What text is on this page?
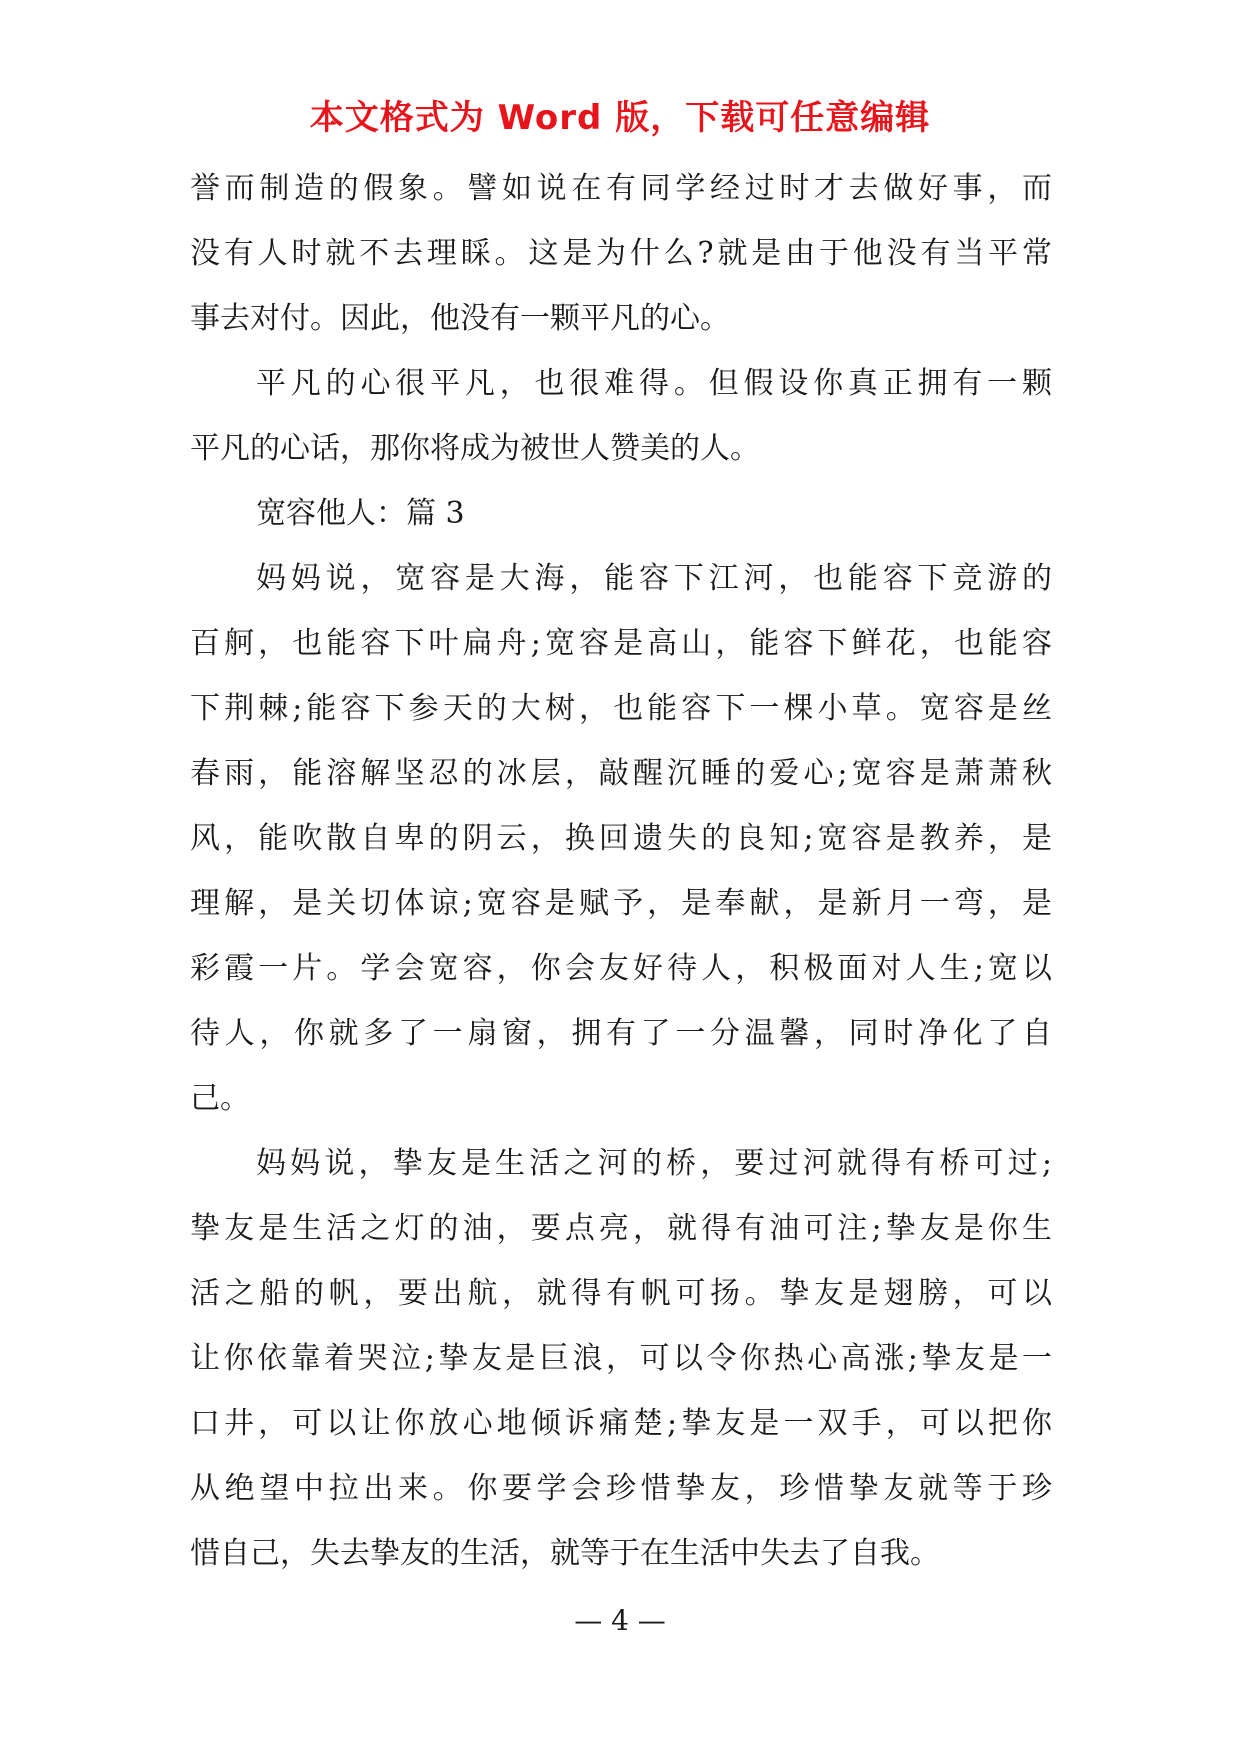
本文格式为 Word 版，下载可任意编辑
誉而制造的假象。譬如说在有同学经过时才去做好事，而
没有人时就不去理睬。这是为什么?就是由于他没有当平常
事去对付。因此，他没有一颗平凡的心。
平凡的心很平凡，也很难得。但假设你真正拥有一颗
平凡的心话，那你将成为被世人赞美的人。
宽容他人：篇 3
妈妈说，宽容是大海，能容下江河，也能容下竞游的
百舸，也能容下叶扁舟;宽容是高山，能容下鲜花，也能容
下荆棘;能容下参天的大树，也能容下一棵小草。宽容是丝
春雨，能溶解坚忍的冰层，敲醒沉睡的爱心;宽容是萧萧秋
风，能吹散自卑的阴云，换回遗失的良知;宽容是教养，是
理解，是关切体谅;宽容是赋予，是奉献，是新月一弯，是
彩霞一片。学会宽容，你会友好待人，积极面对人生;宽以
待人，你就多了一扇窗，拥有了一分温馨，同时净化了自
己。
妈妈说，挚友是生活之河的桥，要过河就得有桥可过;
挚友是生活之灯的油，要点亮，就得有油可注;挚友是你生
活之船的帆，要出航，就得有帆可扬。挚友是翅膀，可以
让你依靠着哭泣;挚友是巨浪，可以令你热心高涨;挚友是一
口井，可以让你放心地倾诉痛楚;挚友是一双手，可以把你
从绝望中拉出来。你要学会珍惜挚友，珍惜挚友就等于珍
惜自己，失去挚友的生活，就等于在生活中失去了自我。
— 4 —
